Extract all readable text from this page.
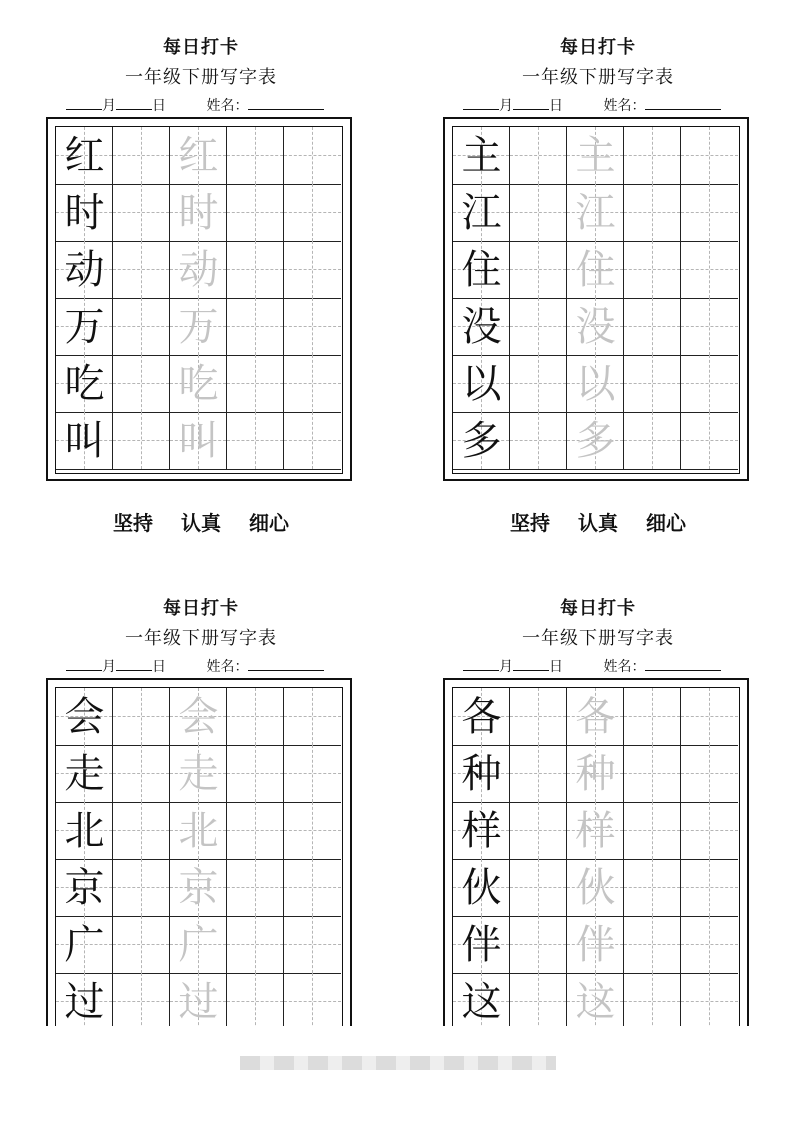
每日打卡
一年级下册写字表
月	日	姓名：
红 红
时 时
动 动
万 万
吃 吃
叫 叫
坚持 认真 细心
每日打卡
一年级下册写字表
月	日	姓名：
主 主
江 江
住 住
没 没
以 以
多 多
坚持 认真 细心
每日打卡
一年级下册写字表
月	日	姓名：
会 会
走 走
北 北
京 京
广 广
过 过
每日打卡
一年级下册写字表
月	日	姓名：
各 各
种 种
样 样
伙 伙
伴 伴
这 这
